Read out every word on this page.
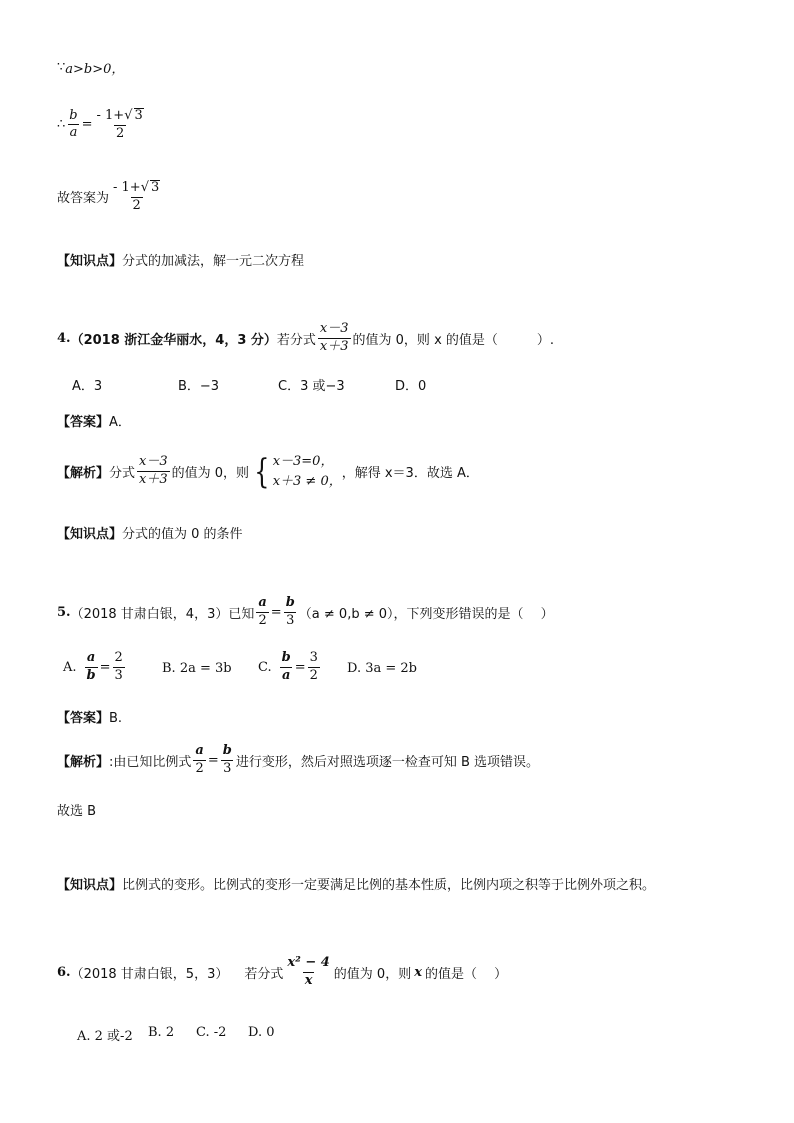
∵ a>b>0，
∴ $\frac{b}{a} = \frac{- 1+√ 3}{2}$
故答案为 $\frac{- 1+√ 3}{2}$
【知识点】分式的加减法，解一元二次方程
4. （2018 浙江金华丽水，4，3 分） 若分式 $\frac{x-3}{x+3}$ 的值为 0，则 x 的值是（　　　）.
A．3	B．−3	C．3 或−3	D．0
【答案】A．
【解析】 分式 $\frac{x-3}{x+3}$ 的值为 0，则 { x－3=0，
x＋3 ≠ 0， ，解得 x＝3．故选 A．
【知识点】分式的值为 0 的条件
5. （2018 甘肃白银，4，3） 已知 $\frac{a}{2} = \frac{b}{3} (a \ne 0,b \ne 0)$，下列变形错误的是（　 ）
A. $\frac{a}{b} = \frac{2}{3}$	B. 2a = 3b C. $\frac{b}{a} = \frac{3}{2} D$. 3a = 2b
【答案】B.
【解析】 :由已知比例式 $\frac{a}{2} = \frac{b}{3}$ 进行变形，然后对照选项逐一检查可知 B 选项错误。
故选 B
【知识点】比例式的变形。比例式的变形一定要满足比例的基本性质，比例内项之积等于比例外项之积。
6. （2018 甘肃白银，5，3） 若分式 $\frac{\text{x² − 4}}{x}$ 的值为 0，则 x 的值是（　 ）
A. 2 或-2 B. 2 C. -2 D. 0
